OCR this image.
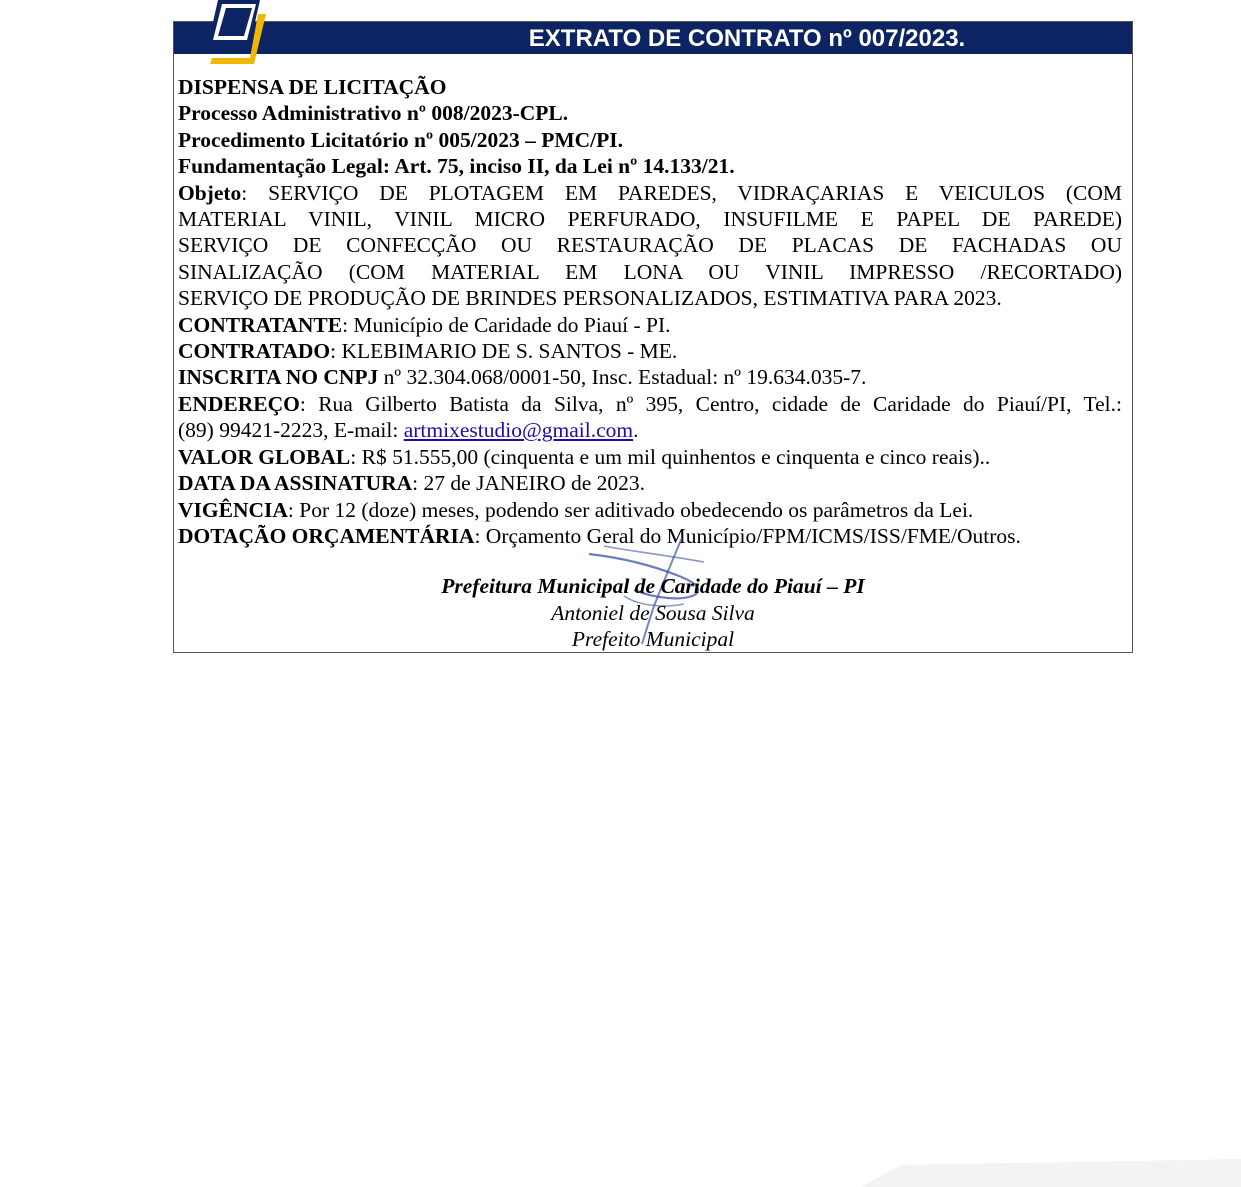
EXTRATO DE CONTRATO nº 007/2023.
DISPENSA DE LICITAÇÃO
Processo Administrativo nº 008/2023-CPL.
Procedimento Licitatório nº 005/2023 – PMC/PI.
Fundamentação Legal: Art. 75, inciso II, da Lei nº 14.133/21.
Objeto: SERVIÇO DE PLOTAGEM EM PAREDES, VIDRAÇARIAS E VEICULOS (COM
MATERIAL VINIL, VINIL MICRO PERFURADO, INSUFILME E PAPEL DE PAREDE)
SERVIÇO DE CONFECÇÃO OU RESTAURAÇÃO DE PLACAS DE FACHADAS OU
SINALIZAÇÃO (COM MATERIAL EM LONA OU VINIL IMPRESSO /RECORTADO)
SERVIÇO DE PRODUÇÃO DE BRINDES PERSONALIZADOS, ESTIMATIVA PARA 2023.
CONTRATANTE: Município de Caridade do Piauí - PI.
CONTRATADO: KLEBIMARIO DE S. SANTOS - ME.
INSCRITA NO CNPJ nº 32.304.068/0001-50, Insc. Estadual: nº 19.634.035-7.
ENDEREÇO: Rua Gilberto Batista da Silva, nº 395, Centro, cidade de Caridade do Piauí/PI, Tel.:
(89) 99421-2223, E-mail: artmixestudio@gmail.com.
VALOR GLOBAL: R$ 51.555,00 (cinquenta e um mil quinhentos e cinquenta e cinco reais)..
DATA DA ASSINATURA: 27 de JANEIRO de 2023.
VIGÊNCIA: Por 12 (doze) meses, podendo ser aditivado obedecendo os parâmetros da Lei.
DOTAÇÃO ORÇAMENTÁRIA: Orçamento Geral do Município/FPM/ICMS/ISS/FME/Outros.
Prefeitura Municipal de Caridade do Piauí – PI
Antoniel de Sousa Silva
Prefeito Municipal
